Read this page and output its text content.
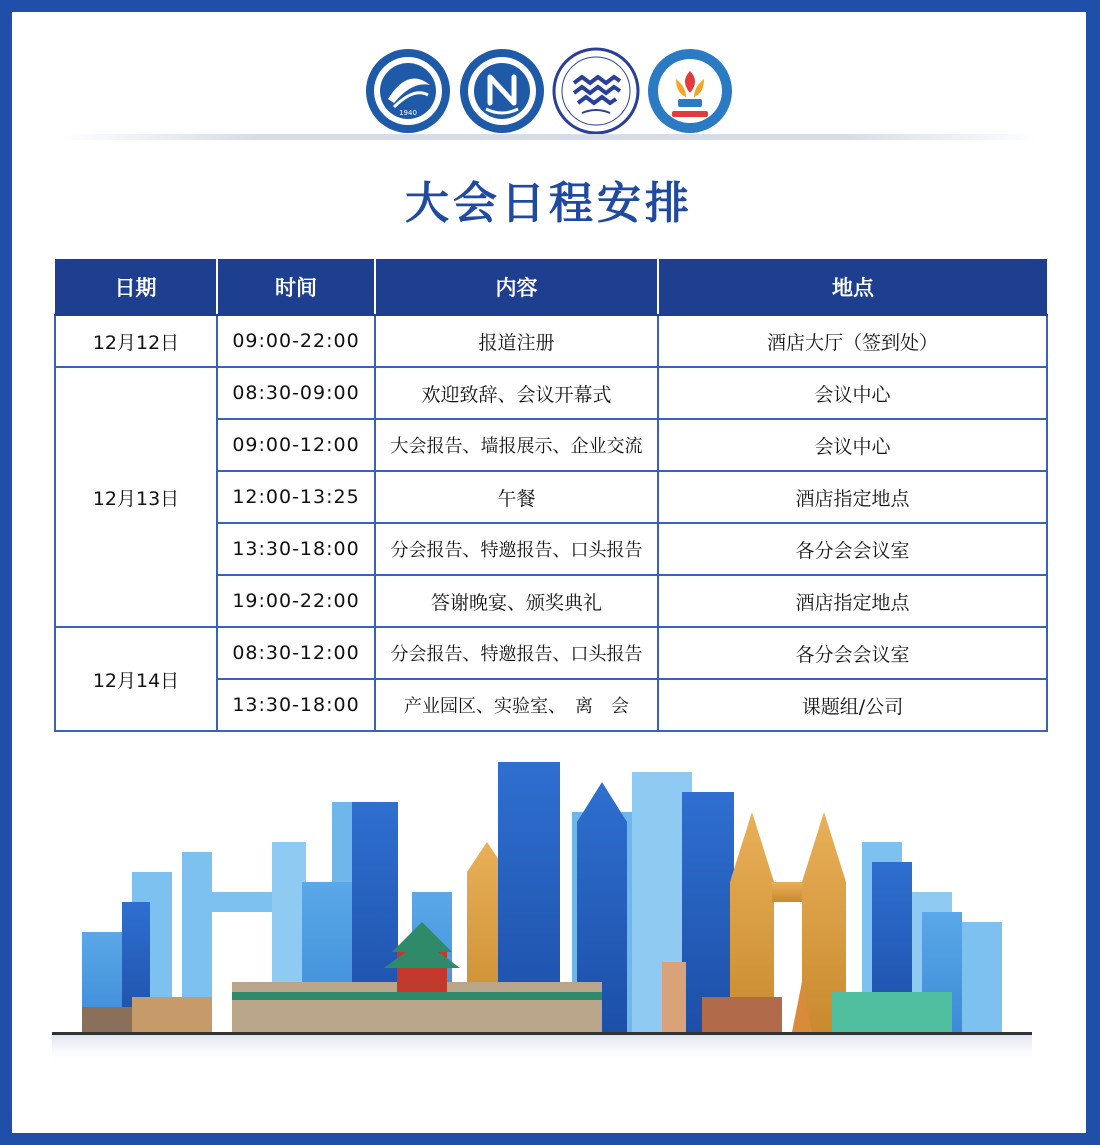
1940
大会日程安排
日期	时间	内容	地点
12月12日	09:00-22:00	报道注册	酒店大厅（签到处）
12月13日	08:30-09:00	欢迎致辞、会议开幕式	会议中心
	09:00-12:00	大会报告、墙报展示、企业交流	会议中心
	12:00-13:25	午餐	酒店指定地点
	13:30-18:00	分会报告、特邀报告、口头报告	各分会会议室
	19:00-22:00	答谢晚宴、颁奖典礼	酒店指定地点
12月14日	08:30-12:00	分会报告、特邀报告、口头报告	各分会会议室
	13:30-18:00	产业园区、实验室、　离　会	课题组/公司
